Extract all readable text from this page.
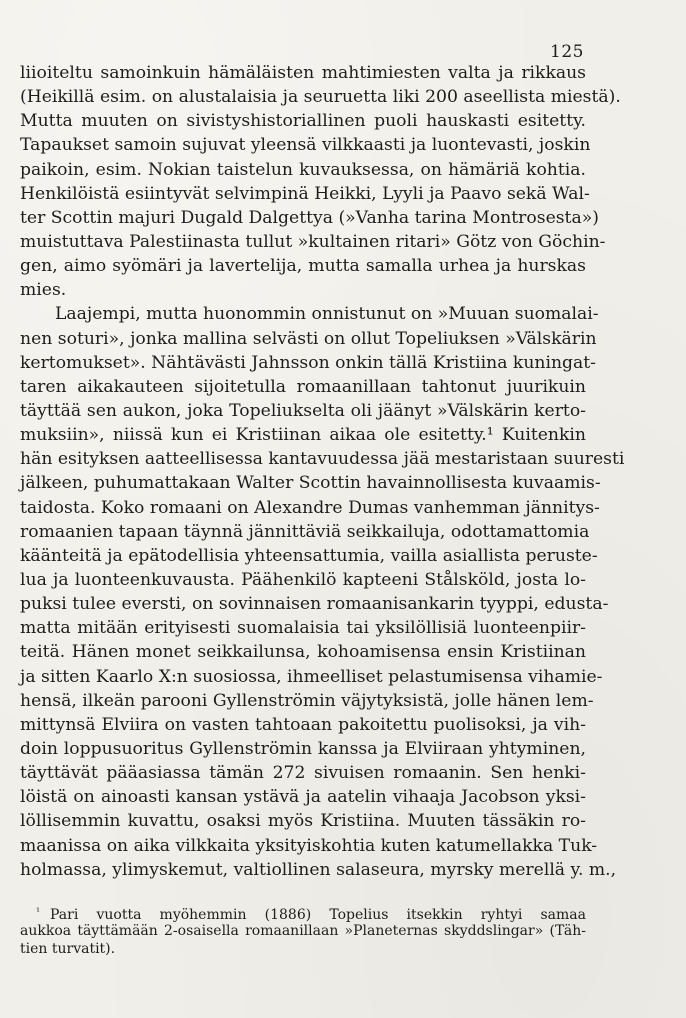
125
liioiteltu samoinkuin hämäläisten mahtimiesten valta ja rikkaus
(Heikillä esim. on alustalaisia ja seuruetta liki 200 aseellista miestä).
Mutta muuten on sivistyshistoriallinen puoli hauskasti esitetty.
Tapaukset samoin sujuvat yleensä vilkkaasti ja luontevasti, joskin
paikoin, esim. Nokian taistelun kuvauksessa, on hämäriä kohtia.
Henkilöistä esiintyvät selvimpinä Heikki, Lyyli ja Paavo sekä Wal-
ter Scottin majuri Dugald Dalgettya (»Vanha tarina Montrosesta»)
muistuttava Palestiinasta tullut »kultainen ritari» Götz von Göchin-
gen, aimo syömäri ja lavertelija, mutta samalla urhea ja hurskas
mies.
Laajempi, mutta huonommin onnistunut on »Muuan suomalai-
nen soturi», jonka mallina selvästi on ollut Topeliuksen »Välskärin
kertomukset». Nähtävästi Jahnsson onkin tällä Kristiina kuningat-
taren aikakauteen sijoitetulla romaanillaan tahtonut juurikuin
täyttää sen aukon, joka Topeliukselta oli jäänyt »Välskärin kerto-
muksiin», niissä kun ei Kristiinan aikaa ole esitetty.¹ Kuitenkin
hän esityksen aatteellisessa kantavuudessa jää mestaristaan suuresti
jälkeen, puhumattakaan Walter Scottin havainnollisesta kuvaamis-
taidosta. Koko romaani on Alexandre Dumas vanhemman jännitys-
romaanien tapaan täynnä jännittäviä seikkailuja, odottamattomia
käänteitä ja epätodellisia yhteensattumia, vailla asiallista peruste-
lua ja luonteenkuvausta. Päähenkilö kapteeni Stålsköld, josta lo-
puksi tulee eversti, on sovinnaisen romaanisankarin tyyppi, edusta-
matta mitään erityisesti suomalaisia tai yksilöllisiä luonteenpiir-
teitä. Hänen monet seikkailunsa, kohoamisensa ensin Kristiinan
ja sitten Kaarlo X:n suosiossa, ihmeelliset pelastumisensa vihamie-
hensä, ilkeän parooni Gyllenströmin väjytyksistä, jolle hänen lem-
mittynsä Elviira on vasten tahtoaan pakoitettu puolisoksi, ja vih-
doin loppusuoritus Gyllenströmin kanssa ja Elviiraan yhtyminen,
täyttävät pääasiassa tämän 272 sivuisen romaanin. Sen henki-
löistä on ainoasti kansan ystävä ja aatelin vihaaja Jacobson yksi-
löllisemmin kuvattu, osaksi myös Kristiina. Muuten tässäkin ro-
maanissa on aika vilkkaita yksityiskohtia kuten katumellakka Tuk-
holmassa, ylimyskemut, valtiollinen salaseura, myrsky merellä y. m.,
$^{^1}$ Pari vuotta myöhemmin (1886) Topelius itsekkin ryhtyi samaa
aukkoa täyttämään 2-osaisella romaanillaan »Planeternas skyddslingar» (Täh-
tien turvatit).
